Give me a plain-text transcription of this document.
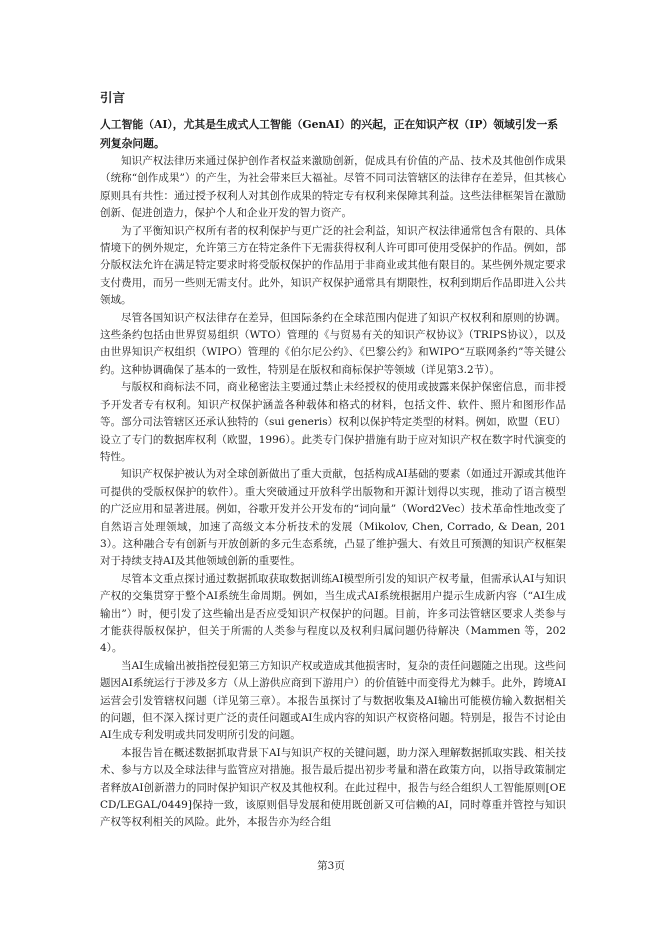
引言

人工智能（AI），尤其是生成式人工智能（GenAI）的兴起，正在知识产权（IP）领域引发一系列复杂问题。

知识产权法律历来通过保护创作者权益来激励创新，促成具有价值的产品、技术及其他创作成果（统称“创作成果”）的产生，为社会带来巨大福祉。尽管不同司法管辖区的法律存在差异，但其核心原则具有共性：通过授予权利人对其创作成果的特定专有权利来保障其利益。这些法律框架旨在激励创新、促进创造力，保护个人和企业开发的智力资产。

为了平衡知识产权所有者的权利保护与更广泛的社会利益，知识产权法律通常包含有限的、具体情境下的例外规定，允许第三方在特定条件下无需获得权利人许可即可使用受保护的作品。例如，部分版权法允许在满足特定要求时将受版权保护的作品用于非商业或其他有限目的。某些例外规定要求支付费用，而另一些则无需支付。此外，知识产权保护通常具有期限性，权利到期后作品即进入公共领域。

尽管各国知识产权法律存在差异，但国际条约在全球范围内促进了知识产权权利和原则的协调。这些条约包括由世界贸易组织（WTO）管理的《与贸易有关的知识产权协议》（TRIPS协议），以及由世界知识产权组织（WIPO）管理的《伯尔尼公约》、《巴黎公约》和WIPO“互联网条约”等关键公约。这种协调确保了基本的一致性，特别是在版权和商标保护等领域（详见第3.2节）。

与版权和商标法不同，商业秘密法主要通过禁止未经授权的使用或披露来保护保密信息，而非授予开发者专有权利。知识产权保护涵盖各种载体和格式的材料，包括文件、软件、照片和图形作品等。部分司法管辖区还承认独特的（sui generis）权利以保护特定类型的材料。例如，欧盟（EU）设立了专门的数据库权利（欧盟，1996）。此类专门保护措施有助于应对知识产权在数字时代演变的特性。

知识产权保护被认为对全球创新做出了重大贡献，包括构成AI基础的要素（如通过开源或其他许可提供的受版权保护的软件）。重大突破通过开放科学出版物和开源计划得以实现，推动了语言模型的广泛应用和显著进展。例如，谷歌开发并公开发布的“词向量”（Word2Vec）技术革命性地改变了自然语言处理领域，加速了高级文本分析技术的发展（Mikolov, Chen, Corrado, & Dean, 2013）。这种融合专有创新与开放创新的多元生态系统，凸显了维护强大、有效且可预测的知识产权框架对于持续支持AI及其他领域创新的重要性。

尽管本文重点探讨通过数据抓取获取数据训练AI模型所引发的知识产权考量，但需承认AI与知识产权的交集贯穿于整个AI系统生命周期。例如，当生成式AI系统根据用户提示生成新内容（“AI生成输出”）时，便引发了这些输出是否应受知识产权保护的问题。目前，许多司法管辖区要求人类参与才能获得版权保护，但关于所需的人类参与程度以及权利归属问题仍待解决（Mammen 等，2024）。

当AI生成输出被指控侵犯第三方知识产权或造成其他损害时，复杂的责任问题随之出现。这些问题因AI系统运行于涉及多方（从上游供应商到下游用户）的价值链中而变得尤为棘手。此外，跨境AI运营会引发管辖权问题（详见第三章）。本报告虽探讨了与数据收集及AI输出可能模仿输入数据相关的问题，但不深入探讨更广泛的责任问题或AI生成内容的知识产权资格问题。特别是，报告不讨论由AI生成专利发明或共同发明所引发的问题。

本报告旨在概述数据抓取背景下AI与知识产权的关键问题，助力深入理解数据抓取实践、相关技术、参与方以及全球法律与监管应对措施。报告最后提出初步考量和潜在政策方向，以指导政策制定者释放AI创新潜力的同时保护知识产权及其他权利。在此过程中，报告与经合组织人工智能原则[OECD/LEGAL/0449]保持一致，该原则倡导发展和使用既创新又可信赖的AI，同时尊重并管控与知识产权等权利相关的风险。此外，本报告亦为经合组

第3页
